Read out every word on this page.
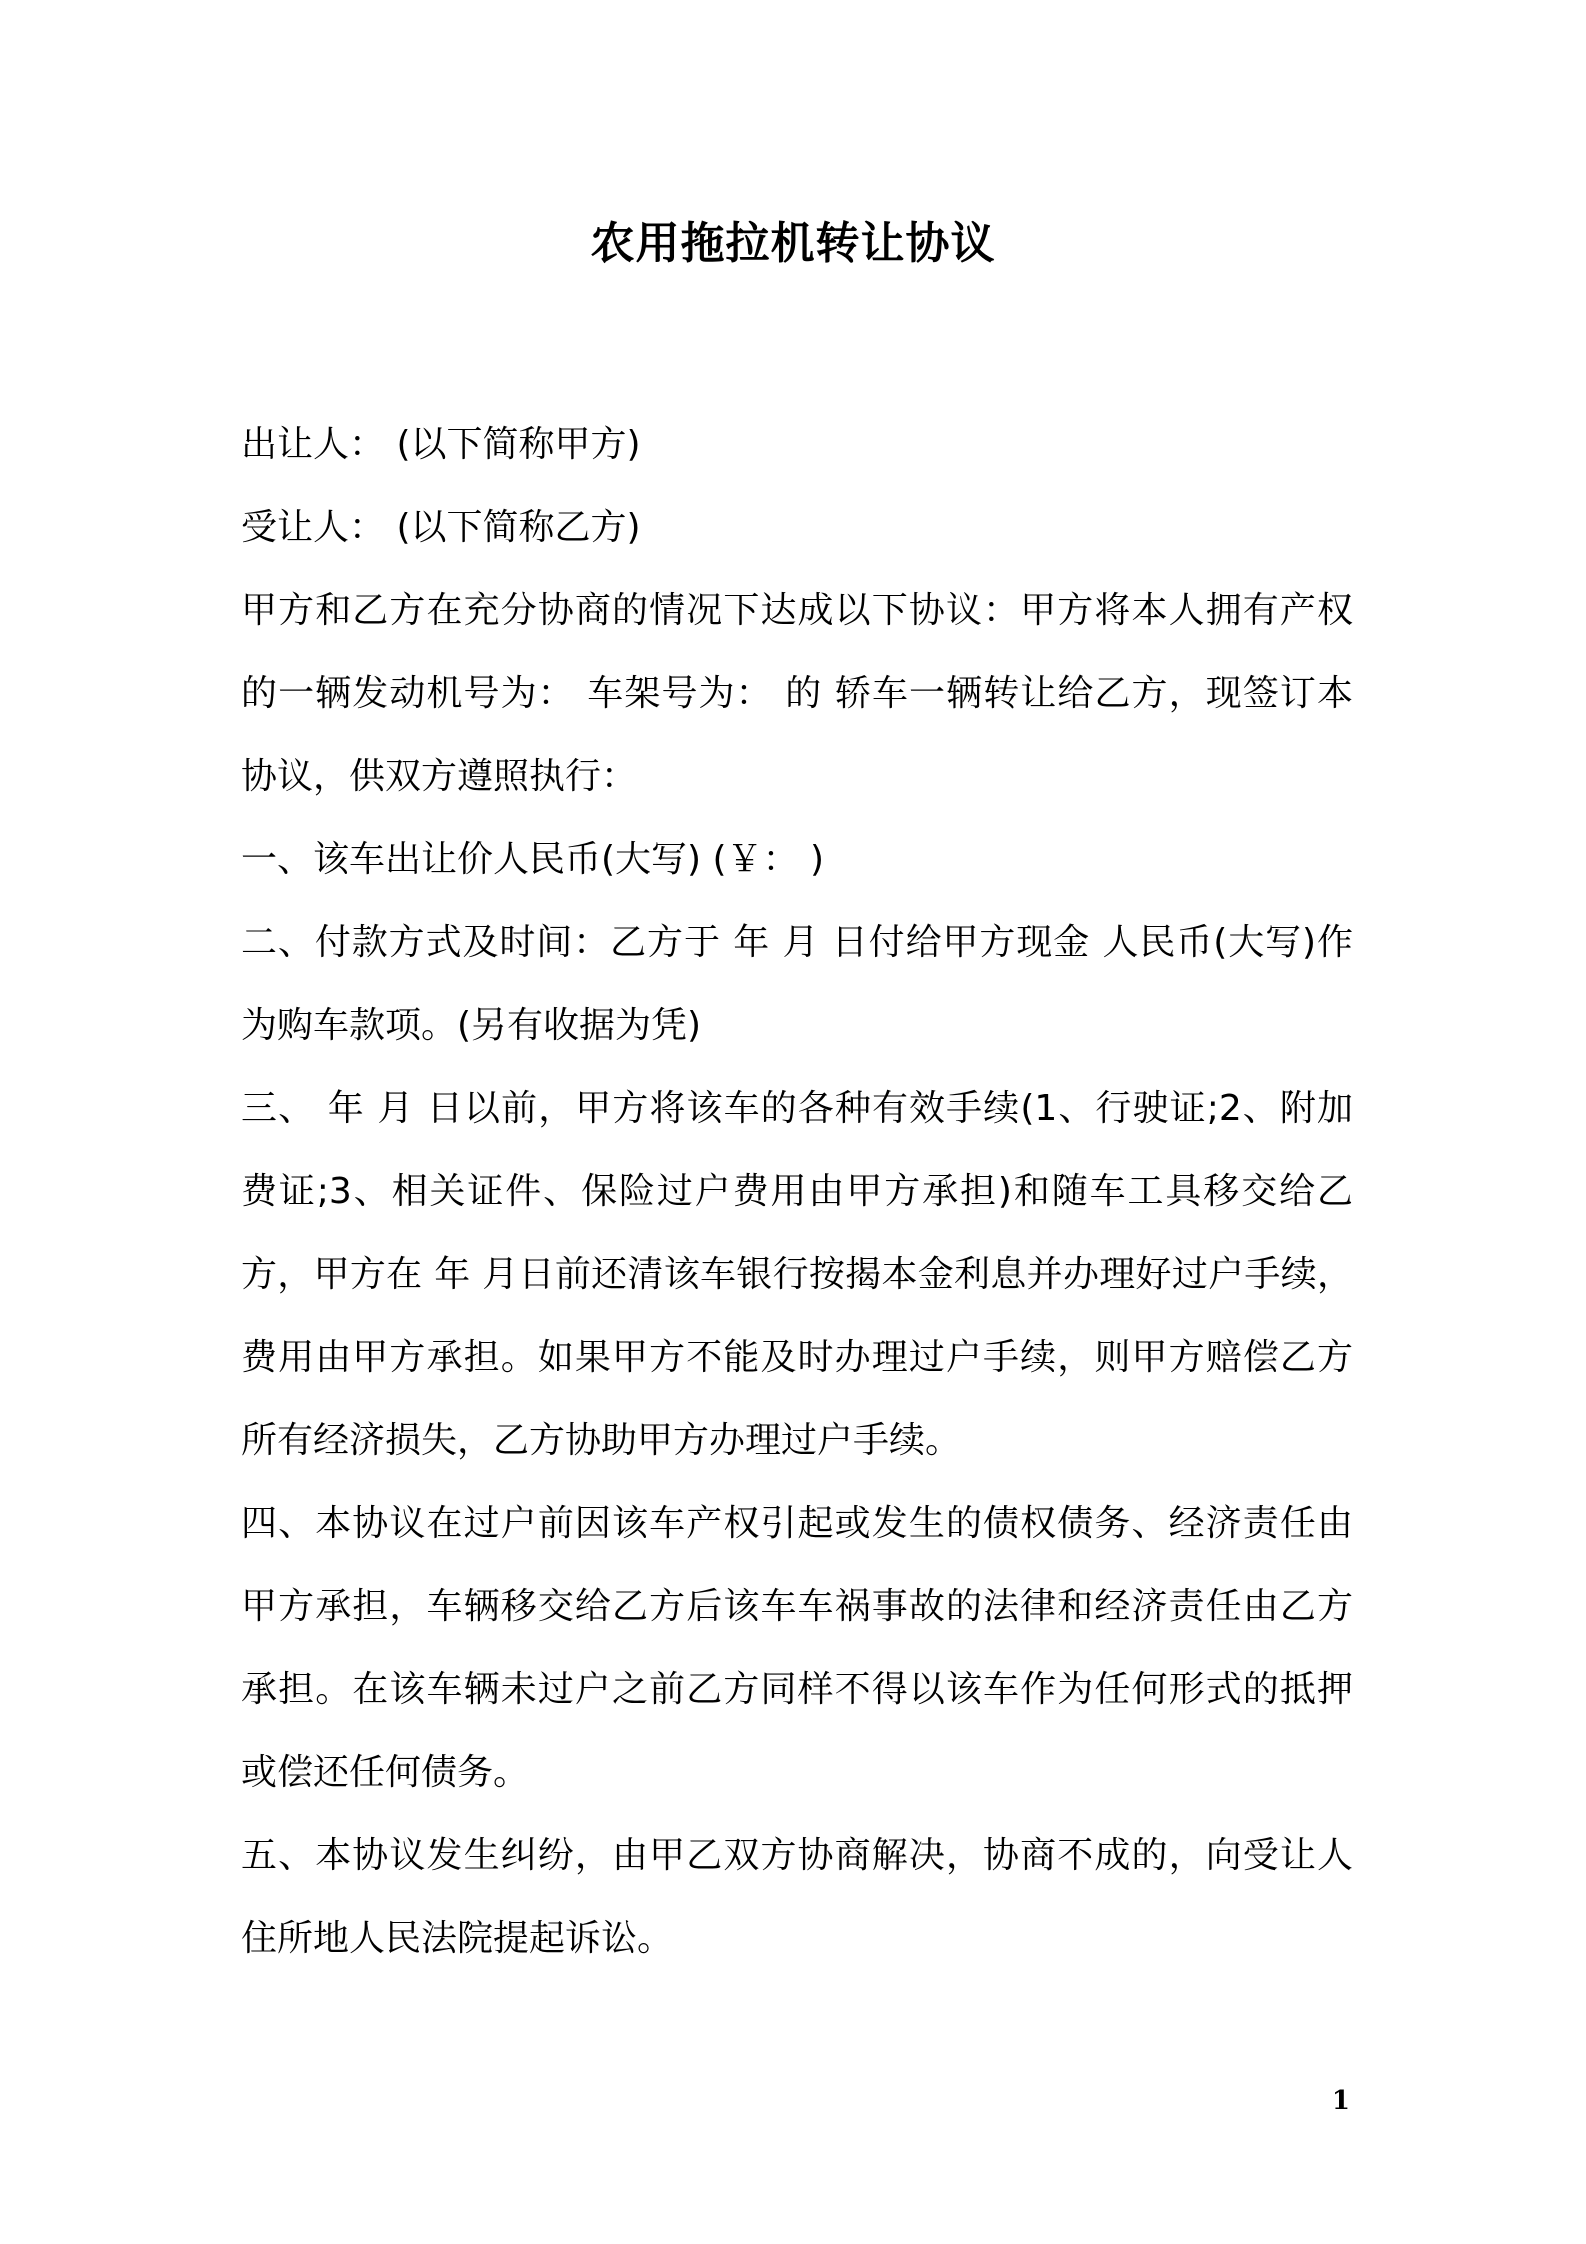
农用拖拉机转让协议

出让人： (以下简称甲方)

受让人： (以下简称乙方)

甲方和乙方在充分协商的情况下达成以下协议：甲方将本人拥有产权的一辆发动机号为： 车架号为： 的 轿车一辆转让给乙方，现签订本协议，供双方遵照执行：

一、该车出让价人民币(大写) (￥： )

二、付款方式及时间：乙方于 年 月 日付给甲方现金 人民币(大写)作为购车款项。(另有收据为凭)

三、 年 月 日以前，甲方将该车的各种有效手续(1、行驶证;2、附加费证;3、相关证件、保险过户费用由甲方承担)和随车工具移交给乙方，甲方在 年 月日前还清该车银行按揭本金利息并办理好过户手续，费用由甲方承担。如果甲方不能及时办理过户手续，则甲方赔偿乙方所有经济损失，乙方协助甲方办理过户手续。

四、本协议在过户前因该车产权引起或发生的债权债务、经济责任由甲方承担，车辆移交给乙方后该车车祸事故的法律和经济责任由乙方承担。在该车辆未过户之前乙方同样不得以该车作为任何形式的抵押或偿还任何债务。

五、本协议发生纠纷，由甲乙双方协商解决，协商不成的，向受让人住所地人民法院提起诉讼。

1
